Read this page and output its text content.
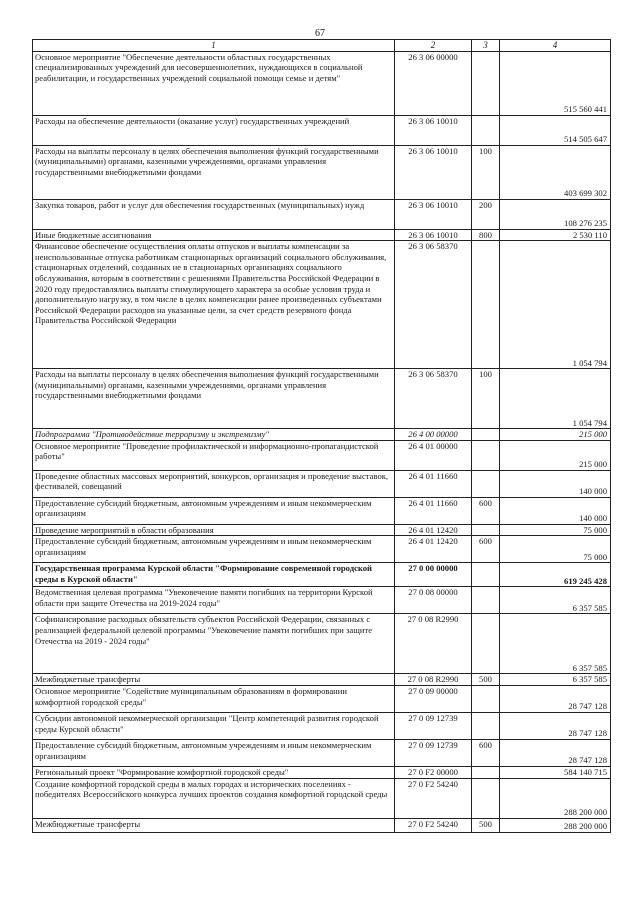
67
1	2	3	4
Основное мероприятие "Обеспечение деятельности областных государственных специализированных учреждений для несовершеннолетних, нуждающихся в социальной реабилитации, и государственных учреждений социальной помощи семье и детям"	26 3 06 00000		515 560 441
Расходы на обеспечение деятельности (оказание услуг) государственных учреждений	26 3 06 10010		514 505 647
Расходы на выплаты персоналу в целях обеспечения выполнения функций государственными (муниципальными) органами, казенными учреждениями, органами управления государственными внебюджетными фондами	26 3 06 10010	100	403 699 302
Закупка товаров, работ и услуг для обеспечения государственных (муниципальных) нужд	26 3 06 10010	200	108 276 235
Иные бюджетные ассигнования	26 3 06 10010	800	2 530 110
Финансовое обеспечение осуществления оплаты отпусков и выплаты компенсации за неиспользованные отпуска работникам стационарных организаций социального обслуживания, стационарных отделений, созданных не в стационарных организациях социального обслуживания, которым в соответствии с решениями Правительства Российской Федерации в 2020 году предоставлялись выплаты стимулирующего характера за особые условия труда и дополнительную нагрузку, в том числе в целях компенсации ранее произведенных субъектами Российской Федерации расходов на указанные цели, за счет средств резервного фонда Правительства Российской Федерации	26 3 06 58370		1 054 794
Расходы на выплаты персоналу в целях обеспечения выполнения функций государственными (муниципальными) органами, казенными учреждениями, органами управления государственными внебюджетными фондами	26 3 06 58370	100	1 054 794
Подпрограмма "Противодействие терроризму и экстремизму"	26 4 00 00000		215 000
Основное мероприятие "Проведение профилактической и информационно-пропагандистской работы"	26 4 01 00000		215 000
Проведение областных массовых мероприятий, конкурсов, организация и проведение выставок, фестивалей, совещаний	26 4 01 11660		140 000
Предоставление субсидий бюджетным, автономным учреждениям и иным некоммерческим организациям	26 4 01 11660	600	140 000
Проведение мероприятий в области образования	26 4 01 12420		75 000
Предоставление субсидий бюджетным, автономным учреждениям и иным некоммерческим организациям	26 4 01 12420	600	75 000
Государственная программа Курской области "Формирование современной городской среды в Курской области"	27 0 00 00000		619 245 428
Ведомственная целевая программа "Увековечение памяти погибших на территории Курской области при защите Отечества на 2019-2024 годы"	27 0 08 00000		6 357 585
Софинансирование расходных обязательств субъектов Российской Федерации, связанных с реализацией федеральной целевой программы "Увековечение памяти погибших при защите Отечества на 2019 - 2024 годы"	27 0 08 R2990		6 357 585
Межбюджетные трансферты	27 0 08 R2990	500	6 357 585
Основное мероприятие "Содействие муниципальным образованиям в формировании комфортной городской среды"	27 0 09 00000		28 747 128
Субсидии автономной некоммерческой организации "Центр компетенций развития городской среды Курской области"	27 0 09 12739		28 747 128
Предоставление субсидий бюджетным, автономным учреждениям и иным некоммерческим организациям	27 0 09 12739	600	28 747 128
Региональный проект "Формирование комфортной городской среды"	27 0 F2 00000		584 140 715
Создание комфортной городской среды в малых городах и исторических поселениях - победителях Всероссийского конкурса лучших проектов создания комфортной городской среды	27 0 F2 54240		288 200 000
Межбюджетные трансферты	27 0 F2 54240	500	288 200 000
